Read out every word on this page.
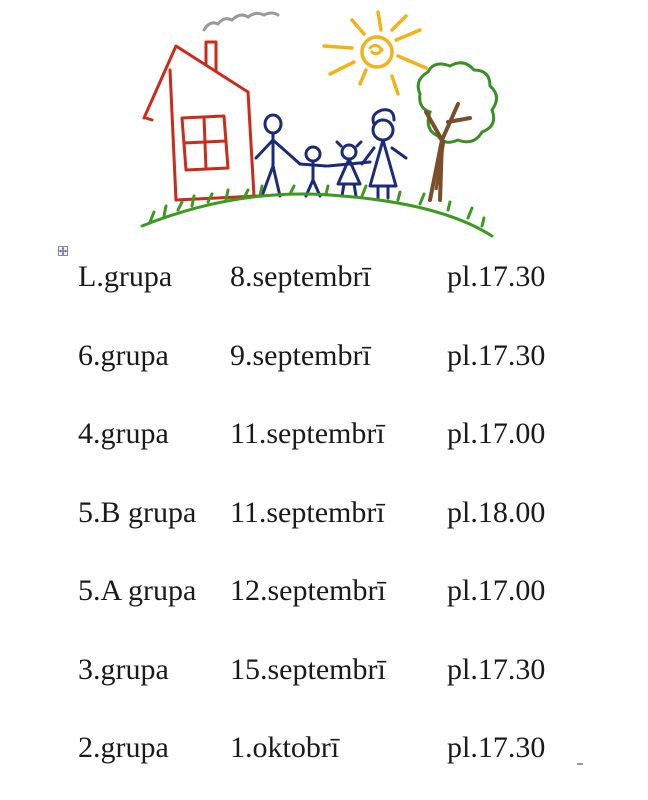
L.grupa 8.septembrī	pl.17.30
6.grupa 9.septembrī	pl.17.30
4.grupa 11.septembrī pl.17.00
5.B grupa 11.septembrī pl.18.00
5.A grupa 12.septembrī pl.17.00
3.grupa 15.septembrī pl.17.30
2.grupa 1.oktobrī	pl.17.30
